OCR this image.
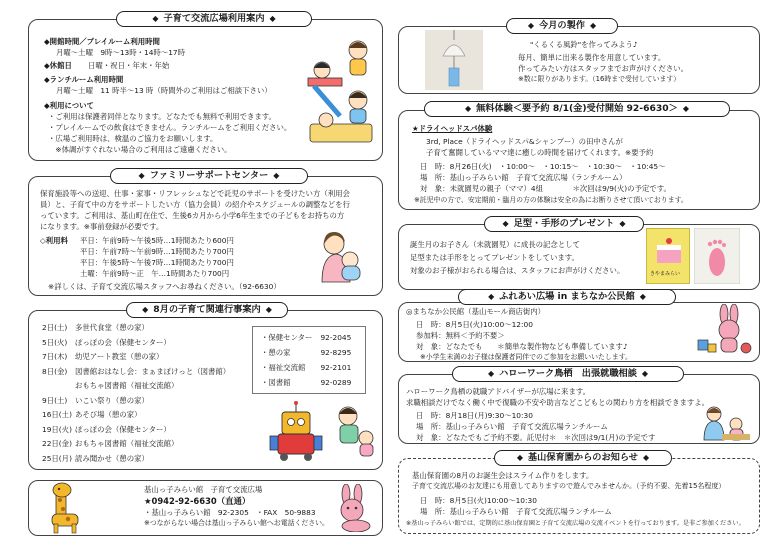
◆ 子育て交流広場利用案内 ◆
◆開館時間／プレイルーム利用時間
月曜～土曜　9時～13時・14時～17時
◆休館日 日曜・祝日・年末・年始
◆ランチルーム利用時間
月曜～土曜　11 時半～13 時（時間外のご利用はご相談下さい）
◆利用について
・ご利用は保護者同伴となります。どなたでも無料で利用できます。
・プレイルームでの飲食はできません。ランチルームをご利用ください。
・広場ご利用時は、検温のご協力をお願いします。
　※体調がすぐれない場合のご利用はご遠慮ください。
◆ ファミリーサポートセンター ◆
保育施設等への送迎、仕事・家事・リフレッシュなどで託児のサポートを受けたい方（利用会
員）と、子育て中の方をサポートしたい方（協力会員）の紹介やスケジュールの調整などを行
っています。ご利用は、基山町在住で、生後6カ月から小学6年生までの子どもをお持ちの方
になります。※事前登録が必要です。
◇利用料 平日：午前9時～午後5時…1時間あたり600円
平日：午前7時～午前9時…1時間あたり700円
平日：午後5時～午後7時…1時間あたり700円
土曜：午前9時～正　午…1時間あたり700円
※詳しくは、子育て交流広場スタッフへお尋ねください。（92-6630）
◆ 8月の子育て関連行事案内 ◆
2日(土)	多世代食堂（憩の家）
5日(火)	ぽっぽの会（保健センター）
7日(木)	幼児アート教室（憩の家）
8日(金)	図書館おはなし会：まぁまぽけっと（図書館）
	おもちゃ図書館（福祉交流館）
9日(土)	いこい祭り（憩の家）
16日(土)	あそび場（憩の家）
19日(火)	ぽっぽの会（保健センター）
22日(金)	おもちゃ図書館（福祉交流館）
25日(月)	読み聞かせ（憩の家）
・保健センター	92-2045
・憩の家	92-8295
・福祉交流館	92-2101
・図書館	92-0289
基山っ子みらい館　子育て交流広場
★0942-92-6630（直通）
・基山っ子みらい館　92-2305　・FAX　50-9883
※つながらない場合は基山っ子みらい館へお電話ください。
◆ 今月の製作 ◆
"くるくる風鈴"を作ってみよう♪
毎月、簡単に出来る製作を用意しています。
作ってみたい方はスタッフまでお声がけください。
※数に限りがあります。（16時まで受付しています）
◆ 無料体験＜要予約 8/1(金)受付開始 92-6630＞ ◆
★ドライヘッドスパ体験
3rd, Place（ドライヘッドスパ&シャンプー）の田中さんが
子育て奮闘しているママ達に癒しの時間を届けてくれます。※要予約
日　時：8月26日(火)　・10:00～　・10:15～　・10:30～　・10:45～
場　所：基山っ子みらい館　子育て交流広場（ランチルーム）
対　象：未就園児の親子（ママ）4組　　　　＊次回は9/9(火)の予定です。
※託児中の方で、安定期前・臨月の方の体験は安全の為にお断りさせて頂いております。
◆ 足型・手形のプレゼント ◆
誕生月のお子さん（未就園児）に成長の記念として
足型または手形をとってプレゼントをしています。
対象のお子様がおられる場合は、スタッフにお声がけください。	きやまみらい
◆ ふれあい広場 in まちなか公民館 ◆
◎まちなか公民館（基山モール商店街内）
日　時：8月5日(火)10:00～12:00
参加料：無料＜予約不要＞
対　象：どなたでも　　＊簡単な製作物なども準備しています♪
※小学生未満のお子様は保護者同伴でのご参加をお願いいたします。
◆ ハローワーク鳥栖　出張就職相談 ◆
ハローワーク鳥栖の就職アドバイザーが広場に来ます。
求職相談だけでなく働く中で復職の不安や助言などこどもとの関わり方を相談できますよ。
日　時：8月18日(月)9:30～10:30
場　所：基山っ子みらい館　子育て交流広場ランチルーム
対　象：どなたでもご予約不要。託児付＊　＊次回は9/1(月)の予定です
◆ 基山保育園からのお知らせ ◆
基山保育園の8月のお誕生会はスライム作りをします。
子育て交流広場のお友達にも用意してありますので遊んでみませんか。（予約不要、先着15名程度）
日　時：8月5日(火)10:00～10:30
場　所：基山っ子みらい館　子育て交流広場ランチルーム
※基山っ子みらい館では、定期的に基山保育園と子育て交流広場の交流イベントを行っております。是非ご参加ください。
